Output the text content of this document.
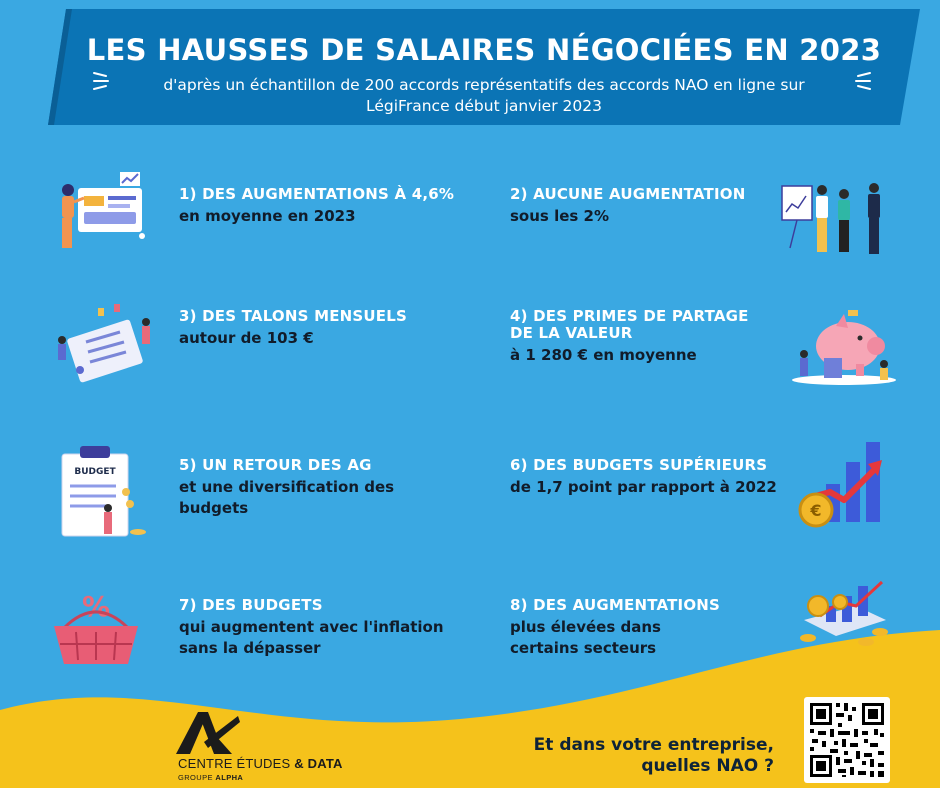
LES HAUSSES DE SALAIRES NÉGOCIÉES EN 2023
d'après un échantillon de 200 accords représentatifs des accords NAO en ligne sur
LégiFrance début janvier 2023
1) DES AUGMENTATIONS À 4,6%
en moyenne en 2023
2) AUCUNE AUGMENTATION
sous les 2%
3) DES TALONS MENSUELS
autour de 103 €
4) DES PRIMES DE PARTAGE
DE LA VALEUR
à 1 280 € en moyenne
BUDGET	5) UN RETOUR DES AG
et une diversification des
budgets
6) DES BUDGETS SUPÉRIEURS
de 1,7 point par rapport à 2022
€
%	7) DES BUDGETS
qui augmentent avec l'inflation
sans la dépasser
8) DES AUGMENTATIONS
plus élevées dans
certains secteurs
CENTRE ÉTUDES & DATA
GROUPE ALPHA
Et dans votre entreprise,
quelles NAO ?
